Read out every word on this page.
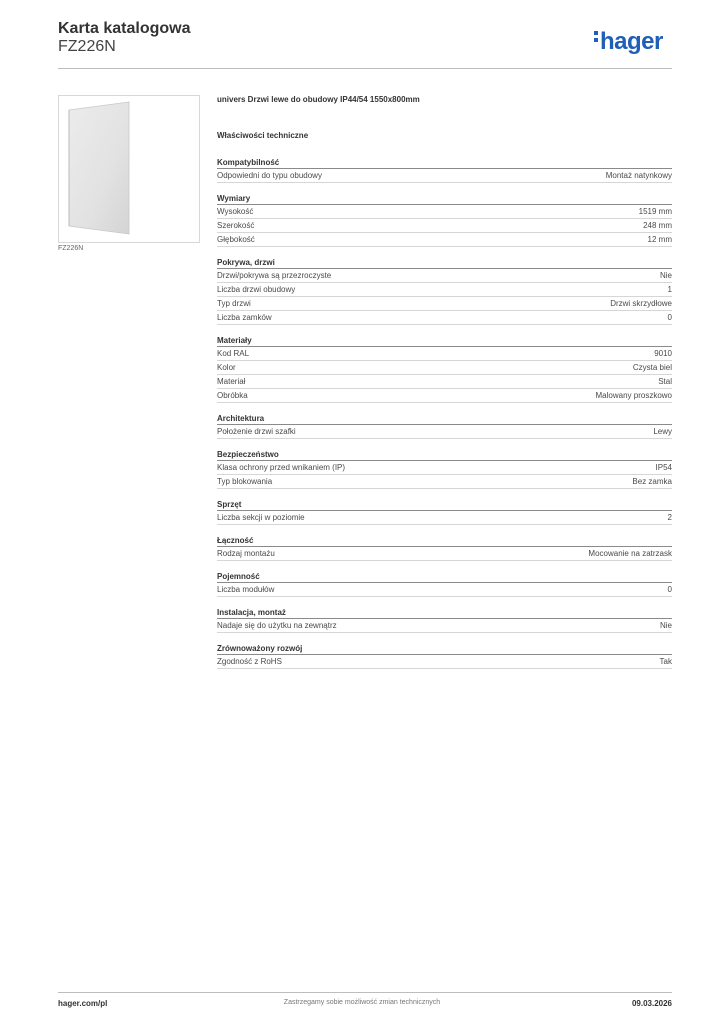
Karta katalogowa
FZ226N	hager
FZ226N
univers Drzwi lewe do obudowy IP44/54 1550x800mm
Właściwości techniczne
Kompatybilność
Odpowiedni do typu obudowy	Montaż natynkowy
Wymiary
Wysokość	1519 mm
Szerokość	248 mm
Głębokość	12 mm
Pokrywa, drzwi
Drzwi/pokrywa są przezroczyste	Nie
Liczba drzwi obudowy	1
Typ drzwi	Drzwi skrzydłowe
Liczba zamków	0
Materiały
Kod RAL	9010
Kolor	Czysta biel
Materiał	Stal
Obróbka	Malowany proszkowo
Architektura
Położenie drzwi szafki	Lewy
Bezpieczeństwo
Klasa ochrony przed wnikaniem (IP)	IP54
Typ blokowania	Bez zamka
Sprzęt
Liczba sekcji w poziomie	2
Łączność
Rodzaj montażu	Mocowanie na zatrzask
Pojemność
Liczba modułów	0
Instalacja, montaż
Nadaje się do użytku na zewnątrz	Nie
Zrównoważony rozwój
Zgodność z RoHS	Tak
hager.com/pl	Zastrzegamy sobie możliwość zmian technicznych	09.03.2026
